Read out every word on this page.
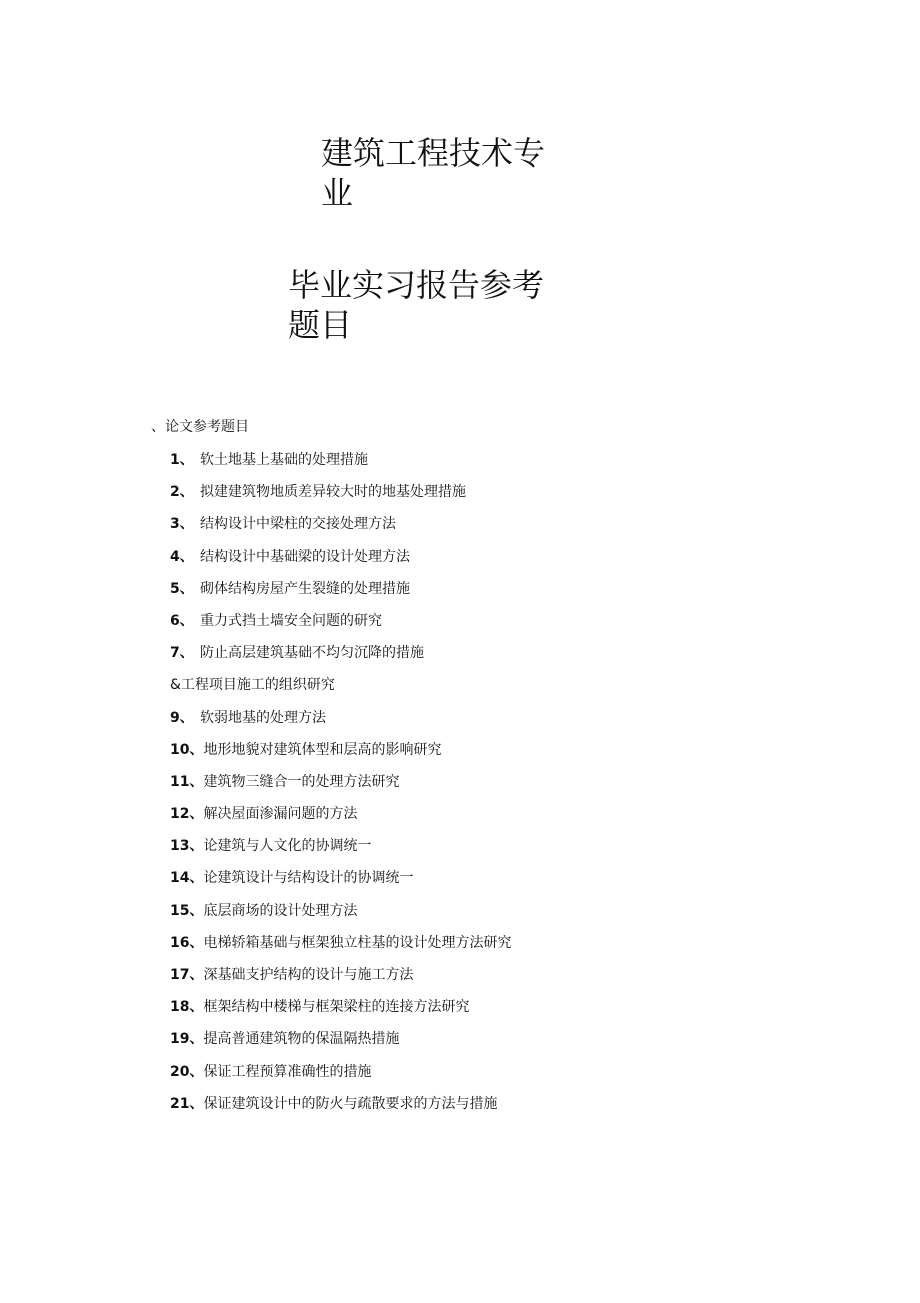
建筑工程技术专
业
毕业实习报告参考
题目
、论文参考题目
1、 软土地基上基础的处理措施
2、 拟建建筑物地质差异较大时的地基处理措施
3、 结构设计中梁柱的交接处理方法
4、 结构设计中基础梁的设计处理方法
5、 砌体结构房屋产生裂缝的处理措施
6、 重力式挡土墙安全问题的研究
7、 防止高层建筑基础不均匀沉降的措施
&工程项目施工的组织研究
9、 软弱地基的处理方法
10、 地形地貌对建筑体型和层高的影响研究
11、 建筑物三缝合一的处理方法研究
12、 解决屋面渗漏问题的方法
13、 论建筑与人文化的协调统一
14、 论建筑设计与结构设计的协调统一
15、 底层商场的设计处理方法
16、 电梯轿箱基础与框架独立柱基的设计处理方法研究
17、 深基础支护结构的设计与施工方法
18、 框架结构中楼梯与框架梁柱的连接方法研究
19、 提高普通建筑物的保温隔热措施
20、 保证工程预算准确性的措施
21、 保证建筑设计中的防火与疏散要求的方法与措施
